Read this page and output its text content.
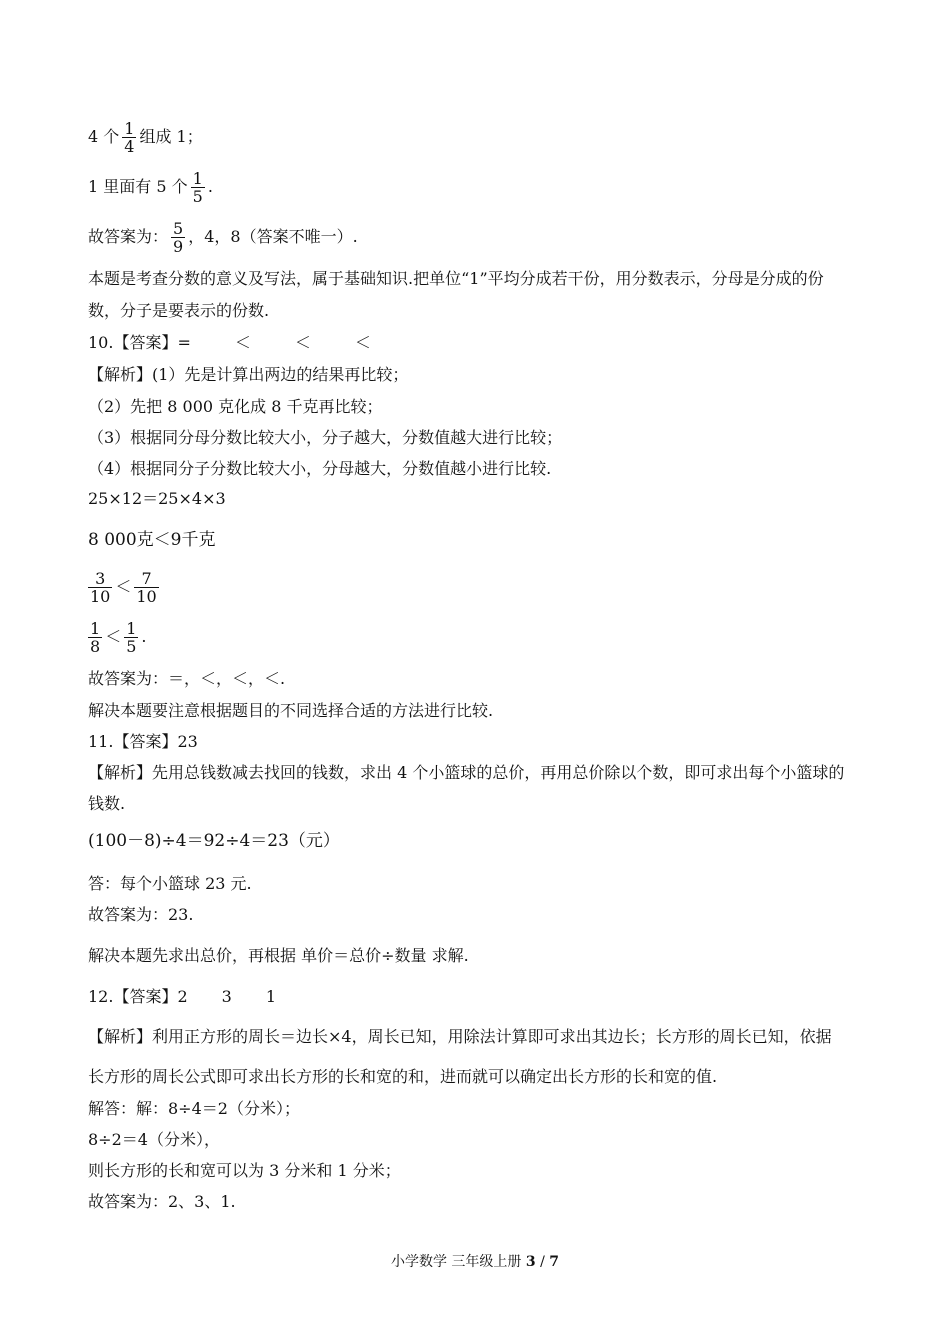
4 个 $\frac{1}{4}$ 组成 1；
1 里面有 5 个 $\frac{1}{5}$ .
故答案为： $\frac{5}{9}$ ，4，8（答案不唯一）.
本题是考查分数的意义及写法，属于基础知识.把单位“1”平均分成若干份，用分数表示，分母是分成的份
数，分子是要表示的份数.
10.【答案】=	＜	＜	＜
【解析】(1）先是计算出两边的结果再比较；
（2）先把 8 000 克化成 8 千克再比较；
（3）根据同分母分数比较大小，分子越大，分数值越大进行比较；
（4）根据同分子分数比较大小，分母越大，分数值越小进行比较.
25×12＝25×4×3
8 000克＜9千克
$\frac{3}{10} < \frac{7}{10}$
$\frac{1}{8} < \frac{1}{5}$ .
故答案为：＝，＜，＜，＜.
解决本题要注意根据题目的不同选择合适的方法进行比较.
11.【答案】23
【解析】先用总钱数减去找回的钱数，求出 4 个小篮球的总价，再用总价除以个数，即可求出每个小篮球的
钱数.
(100－8)÷4＝92÷4＝23（元）
答：每个小篮球 23 元.
故答案为：23.
解决本题先求出总价，再根据 单价＝总价÷数量 求解.
12.【答案】2 3 1
【解析】利用正方形的周长＝边长×4，周长已知，用除法计算即可求出其边长；长方形的周长已知，依据
长方形的周长公式即可求出长方形的长和宽的和，进而就可以确定出长方形的长和宽的值.
解答：解：8÷4＝2（分米）；
8÷2＝4（分米），
则长方形的长和宽可以为 3 分米和 1 分米；
故答案为：2、3、1.
小学数学 三年级上册 3 / 7
